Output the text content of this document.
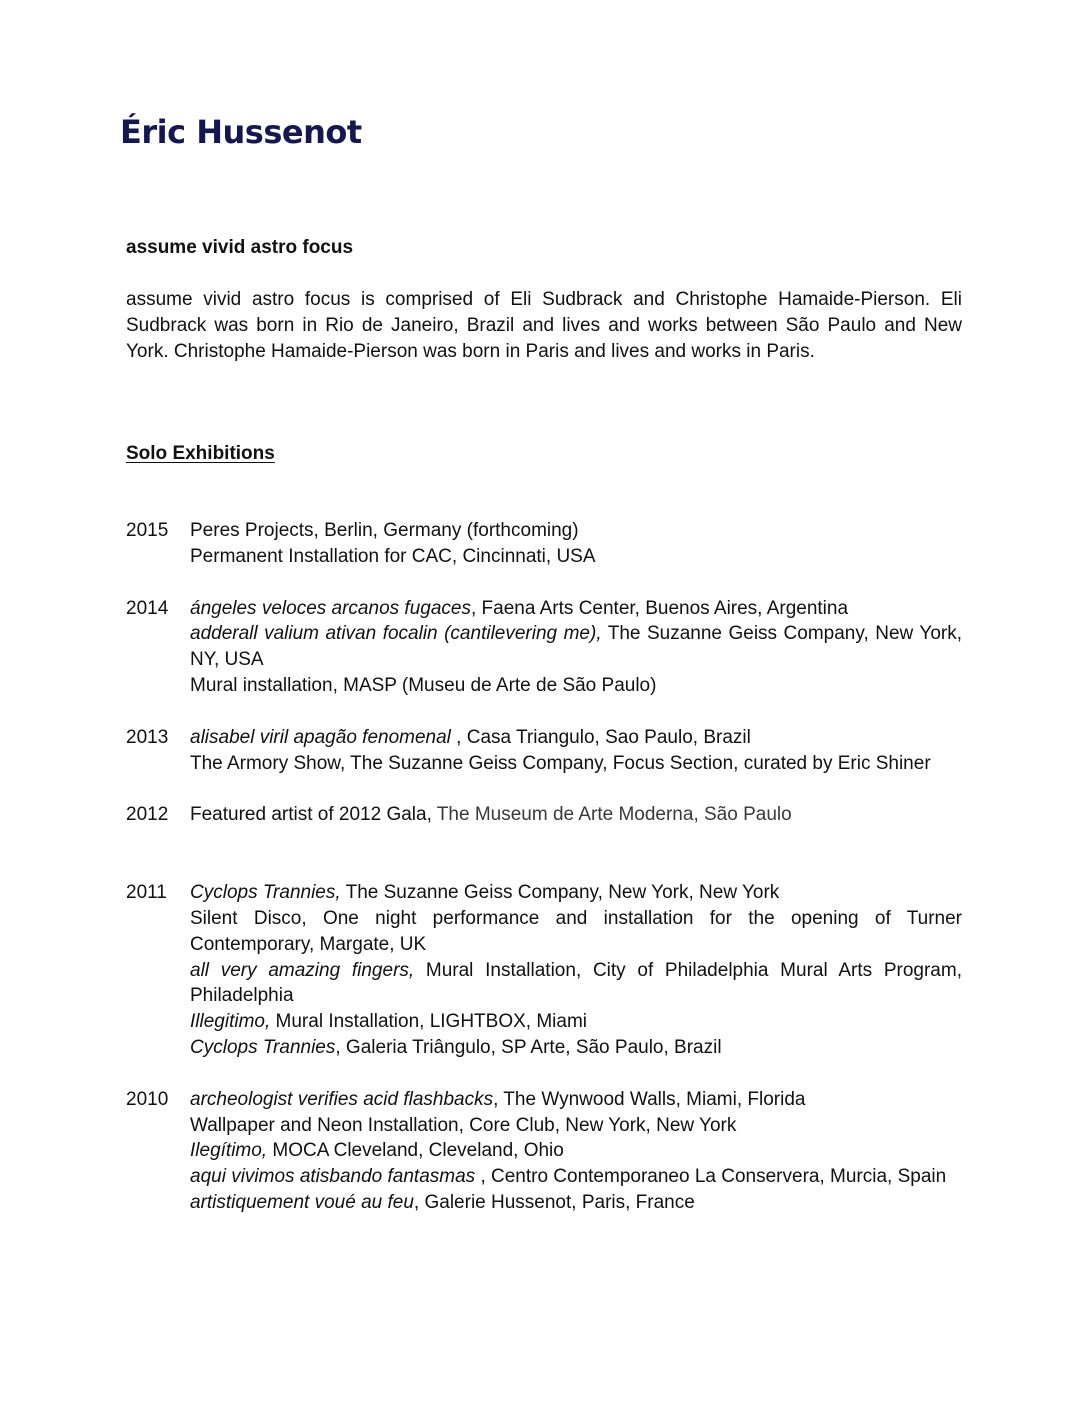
Éric Hussenot
assume vivid astro focus

assume vivid astro focus is comprised of Eli Sudbrack and Christophe Hamaide-Pierson. Eli Sudbrack was born in Rio de Janeiro, Brazil and lives and works between São Paulo and New York. Christophe Hamaide-Pierson was born in Paris and lives and works in Paris.

Solo Exhibitions
2015	Peres Projects, Berlin, Germany (forthcoming)
Permanent Installation for CAC, Cincinnati, USA
2014	ángeles veloces arcanos fugaces, Faena Arts Center, Buenos Aires, Argentina
adderall valium ativan focalin (cantilevering me), The Suzanne Geiss Company, New York, NY, USA
Mural installation, MASP (Museu de Arte de São Paulo)
2013	alisabel viril apagão fenomenal , Casa Triangulo, Sao Paulo, Brazil
The Armory Show, The Suzanne Geiss Company, Focus Section, curated by Eric Shiner
2012	Featured artist of 2012 Gala, The Museum de Arte Moderna, São Paulo
2011	Cyclops Trannies, The Suzanne Geiss Company, New York, New York
Silent Disco, One night performance and installation for the opening of Turner Contemporary, Margate, UK
all very amazing fingers, Mural Installation, City of Philadelphia Mural Arts Program, Philadelphia
Illegitimo, Mural Installation, LIGHTBOX, Miami
Cyclops Trannies, Galeria Triângulo, SP Arte, São Paulo, Brazil
2010	archeologist verifies acid flashbacks, The Wynwood Walls, Miami, Florida
Wallpaper and Neon Installation, Core Club, New York, New York
Ilegítimo, MOCA Cleveland, Cleveland, Ohio
aqui vivimos atisbando fantasmas , Centro Contemporaneo La Conservera, Murcia, Spain
artistiquement voué au feu, Galerie Hussenot, Paris, France
